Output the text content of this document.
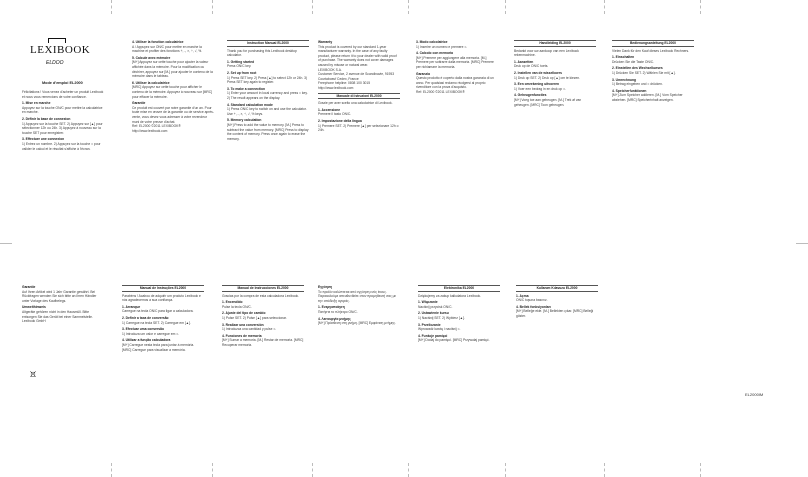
LEXIBOOK
ELDOO
Mode d'emploi EL2000

Félicitations ! Vous venez d'acheter un produit Lexibook et nous vous remercions de votre confiance.

1. Mise en marche

Appuyez sur la touche ON/C pour mettre la calculatrice en marche.

2. Définir la base de connexion

1) Appuyez sur la touche SET. 2) Appuyez sur [▲] pour sélectionner 12h ou 24h. 3) Appuyez à nouveau sur la touche SET pour enregistrer.

3. Effectuer une connexion

1) Entrez un nombre. 2) Appuyez sur la touche = pour valider le calcul et le résultat s'affiche à l'écran.

4. Utiliser la fonction calculatrice

A / Appuyez sur ON/C pour mettre en marche la machine et profiter des fonctions +, -, ×, ÷, √, %.

5. Calcule avec mémoire

[M+] Appuyez sur cette touche pour ajouter la valeur affichée dans la mémoire. Pour la modification ou déchirer, appuyez sur [M-] pour ajouter le contenu de la mémoire dans le tableau.

6. Utiliser la calculatrice

[MRC] Appuyez sur cette touche pour afficher le contenu de la mémoire. Appuyez à nouveau sur [MRC] pour effacer la mémoire.

Garantie

Ce produit est couvert par notre garantie d'un an. Pour toute mise en œuvre de la garantie ou de service après-vente, vous devez vous adresser à votre revendeur muni de votre preuve d'achat.

Ref: EL2000 ©2011 LEXIBOOK®

http://www.lexibook.com

Instruction Manual EL2000

Thank you for purchasing this Lexibook desktop calculator.

1. Getting started

Press ON/C key.

2. Set up from root

1) Press SET key. 2) Press [▲] to select 12h or 24h. 3) Press SET key again to register.

3. To make a connection

1) Enter your amount in local currency and press = key. 2) The result appears on the display.

4. Standard calculation mode

1) Press ON/C key to switch on and use the calculator. Use +, -, ×, ÷, √, % keys.

5. Memory calculation

[M+] Press to add the value to memory. [M-] Press to subtract the value from memory. [MRC] Press to display the content of memory. Press once again to erase the memory.

Warranty

This product is covered by our standard 1-year manufacturer warranty. In the case of any faulty product, please return it to your dealer with valid proof of purchase. The warranty does not cover damages caused by misuse or natural wear.

LEXIBOOK S.A.

Customer Service, 2 avenue de Scandinavie, 91953 Courtaboeuf Cedex, France

Freephone helpline: 0808 100 3015

http://www.lexibook.com

Manuale di istruzioni EL2000

Grazie per aver scelto una calcolatrice di Lexibook.

1. Accensione

Premere il tasto ON/C.

2. Impostazione della lingua

1) Premere SET. 2) Premere [▲] per selezionare 12h o 24h.

3. Modo calcolatrice

1) Inserire un numero e premere =.

4. Calcolo con memoria

[M+] Premere per aggiungere alla memoria. [M-] Premere per sottrarre dalla memoria. [MRC] Premere per richiamare la memoria.

Garanzia

Questo prodotto è coperto dalla nostra garanzia di un anno. Per qualsiasi reclamo rivolgersi al proprio rivenditore con la prova d'acquisto.

Ref: EL2000 ©2011 LEXIBOOK®

Handleiding EL2000

Bedankt voor uw aankoop van een Lexibook rekenmachine.

1. Aanzetten

Druk op de ON/C toets.

2. Instellen van de wisselkoers

1) Druk op SET. 2) Druk op [▲] om te kiezen.

3. Een omrekening uitvoeren

1) Voer een bedrag in en druk op =.

4. Geheugenfuncties

[M+] Voeg toe aan geheugen. [M-] Trek af van geheugen. [MRC] Toon geheugen.

Bedienungsanleitung EL2000

Vielen Dank für den Kauf dieses Lexibook Rechners.

1. Einschalten

Drücken Sie die Taste ON/C.

2. Einstellen des Wechselkurses

1) Drücken Sie SET. 2) Wählen Sie mit [▲].

3. Umrechnung

1) Betrag eingeben und = drücken.

4. Speicherfunktionen

[M+] Zum Speicher addieren. [M-] Vom Speicher abziehen. [MRC] Speicherinhalt anzeigen.

Garantie

Auf Ihren Artikel wird 1 Jahr Garantie gewährt. Bei Rückfragen wenden Sie sich bitte an Ihren Händler unter Vorlage des Kaufbelegs.

Umwelthinweis

Altgeräte gehören nicht in den Hausmüll. Bitte entsorgen Sie das Gerät bei einer Sammelstelle.

Lexibook GmbH

Manual de Instruções EL2000

Parabéns ! Acabou de adquirir um produto Lexibook e nós agradecemos a sua confiança.

1. Arranque

Carregue na tecla ON/C para ligar a calculadora.

2. Definir a taxa de conversão

1) Carregue na tecla SET. 2) Carregue em [▲].

3. Efectuar uma conversão

1) Introduza um valor e carregue em =.

4. Utilizar a função calculadora

[M+] Carregue nesta tecla para juntar à memória. [MRC] Carregue para visualizar a memória.

Manual de Instrucciones EL2000

Gracias por la compra de esta calculadora Lexibook.

1. Encendido

Pulse la tecla ON/C.

2. Ajuste del tipo de cambio

1) Pulse SET. 2) Pulse [▲] para seleccionar.

3. Realizar una conversión

1) Introduzca una cantidad y pulse =.

4. Funciones de memoria

[M+] Sumar a memoria. [M-] Restar de memoria. [MRC] Recuperar memoria.

Εγγύηση

Το προϊόν καλύπτεται από εγγύηση ενός έτους. Παρακαλούμε απευθυνθείτε στον προμηθευτή σας με την απόδειξη αγοράς.

1. Ενεργοποίηση

Πατήστε το πλήκτρο ON/C.

4. Λειτουργία μνήμης

[M+] Πρόσθεση στη μνήμη. [MRC] Εμφάνιση μνήμης.

Elektronika EL2000

Dziękujemy za zakup kalkulatora Lexibook.

1. Włączanie

Naciśnij przycisk ON/C.

2. Ustawienie kursu

1) Naciśnij SET. 2) Wybierz [▲].

3. Przeliczanie

Wprowadź kwotę i naciśnij =.

4. Funkcje pamięci

[M+] Dodaj do pamięci. [MRC] Przywołaj pamięć.

Kullanım Kılavuzu EL2000
1. Açma

ON/C tuşuna basınız.

4. Bellek fonksiyonları

[M+] Belleğe ekle. [M-] Bellekten çıkar. [MRC] Belleği göster.

EL2000IM
